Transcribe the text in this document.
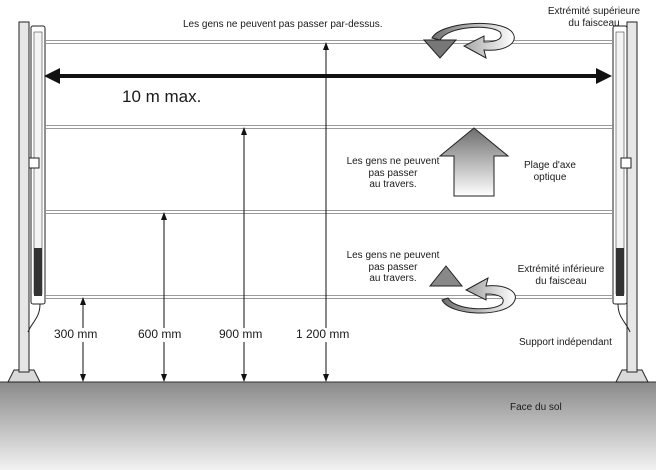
Les gens ne peuvent pas passer par-dessus.
Extrémité supérieure
du faisceau
10 m max.
Les gens ne peuvent
pas passer
au travers.
Plage d'axe
optique
Les gens ne peuvent
pas passer
au travers.
Extrémité inférieure
du faisceau
300 mm	600 mm	900 mm	1 200 mm
Support indépendant
Face du sol
